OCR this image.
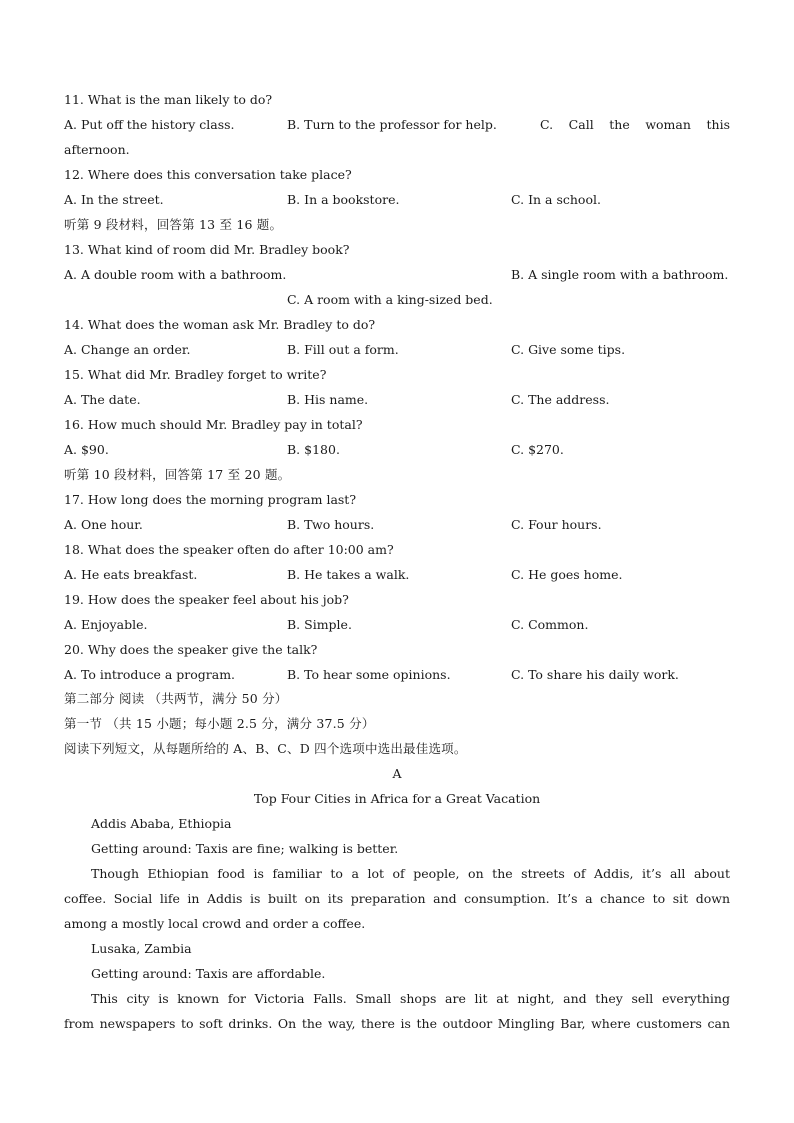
11. What is the man likely to do?
A. Put off the history class.	B. Turn to the professor for help.	C. Call the woman this
afternoon.
12. Where does this conversation take place?
A. In the street.	B. In a bookstore.	C. In a school.
听第 9 段材料，回答第 13 至 16 题。
13. What kind of room did Mr. Bradley book?
A. A double room with a bathroom.	B. A single room with a bathroom.
C. A room with a king-sized bed.
14. What does the woman ask Mr. Bradley to do?
A. Change an order.	B. Fill out a form.	C. Give some tips.
15. What did Mr. Bradley forget to write?
A. The date.	B. His name.	C. The address.
16. How much should Mr. Bradley pay in total?
A. $90.	B. $180.	C. $270.
听第 10 段材料，回答第 17 至 20 题。
17. How long does the morning program last?
A. One hour.	B. Two hours.	C. Four hours.
18. What does the speaker often do after 10:00 am?
A. He eats breakfast.	B. He takes a walk.	C. He goes home.
19. How does the speaker feel about his job?
A. Enjoyable.	B. Simple.	C. Common.
20. Why does the speaker give the talk?
A. To introduce a program.	B. To hear some opinions.	C. To share his daily work.
第二部分 阅读 （共两节，满分 50 分）
第一节 （共 15 小题；每小题 2.5 分，满分 37.5 分）
阅读下列短文，从每题所给的 A、B、C、D 四个选项中选出最佳选项。
A
Top Four Cities in Africa for a Great Vacation
Addis Ababa, Ethiopia
Getting around: Taxis are fine; walking is better.
Though Ethiopian food is familiar to a lot of people, on the streets of Addis, it’s all about
coffee. Social life in Addis is built on its preparation and consumption. It’s a chance to sit down
among a mostly local crowd and order a coffee.
Lusaka, Zambia
Getting around: Taxis are affordable.
This city is known for Victoria Falls. Small shops are lit at night, and they sell everything
from newspapers to soft drinks. On the way, there is the outdoor Mingling Bar, where customers can
